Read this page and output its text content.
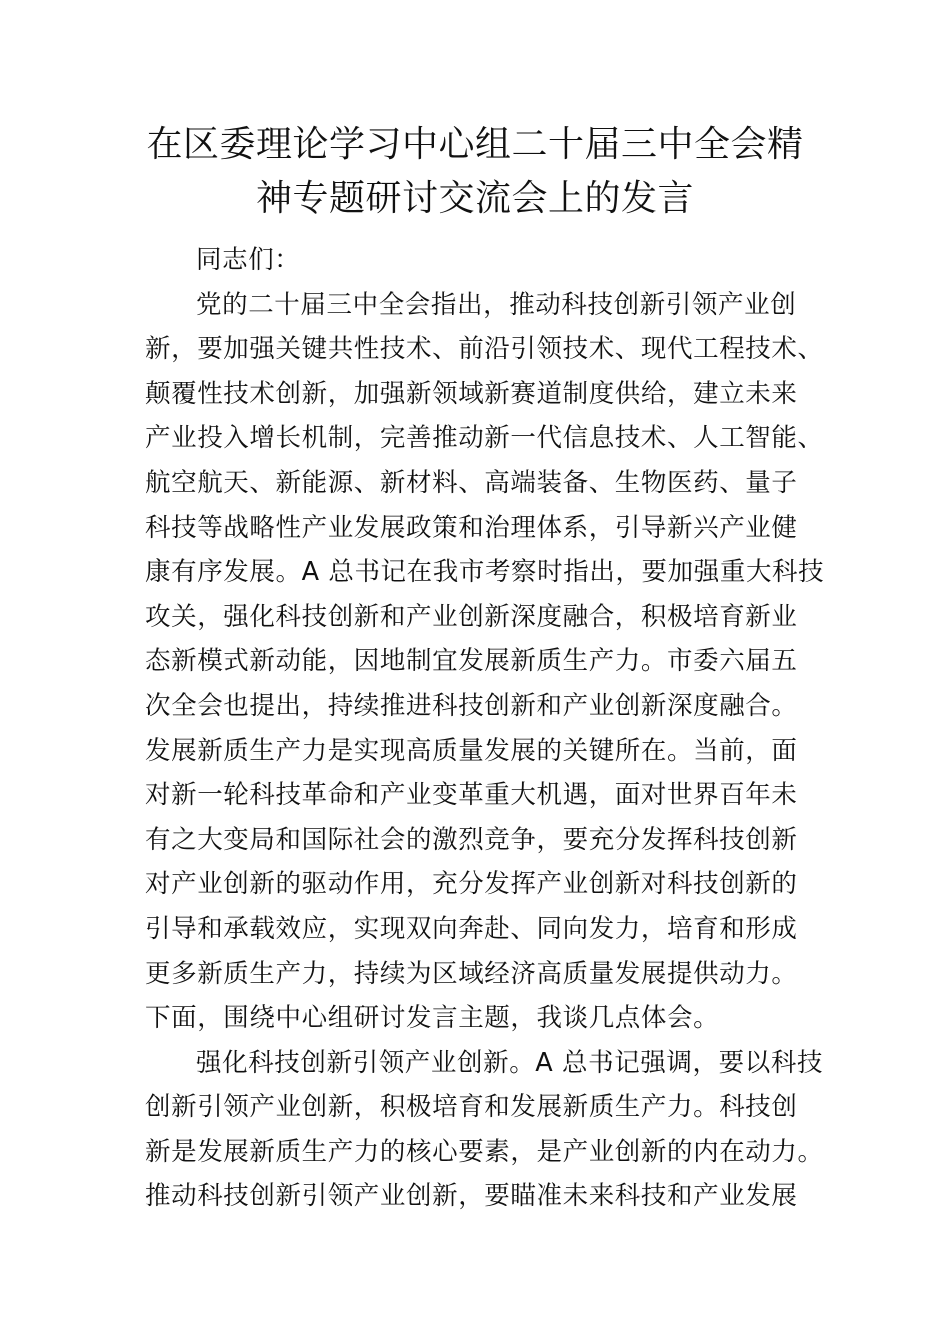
在区委理论学习中心组二十届三中全会精
神专题研讨交流会上的发言
同志们：
党的二十届三中全会指出，推动科技创新引领产业创
新，要加强关键共性技术、前沿引领技术、现代工程技术、
颠覆性技术创新，加强新领域新赛道制度供给，建立未来
产业投入增长机制，完善推动新一代信息技术、人工智能、
航空航天、新能源、新材料、高端装备、生物医药、量子
科技等战略性产业发展政策和治理体系，引导新兴产业健
康有序发展。A 总书记在我市考察时指出，要加强重大科技
攻关，强化科技创新和产业创新深度融合，积极培育新业
态新模式新动能，因地制宜发展新质生产力。市委六届五
次全会也提出，持续推进科技创新和产业创新深度融合。
发展新质生产力是实现高质量发展的关键所在。当前，面
对新一轮科技革命和产业变革重大机遇，面对世界百年未
有之大变局和国际社会的激烈竞争，要充分发挥科技创新
对产业创新的驱动作用，充分发挥产业创新对科技创新的
引导和承载效应，实现双向奔赴、同向发力，培育和形成
更多新质生产力，持续为区域经济高质量发展提供动力。
下面，围绕中心组研讨发言主题，我谈几点体会。
强化科技创新引领产业创新。A 总书记强调，要以科技
创新引领产业创新，积极培育和发展新质生产力。科技创
新是发展新质生产力的核心要素，是产业创新的内在动力。
推动科技创新引领产业创新，要瞄准未来科技和产业发展
